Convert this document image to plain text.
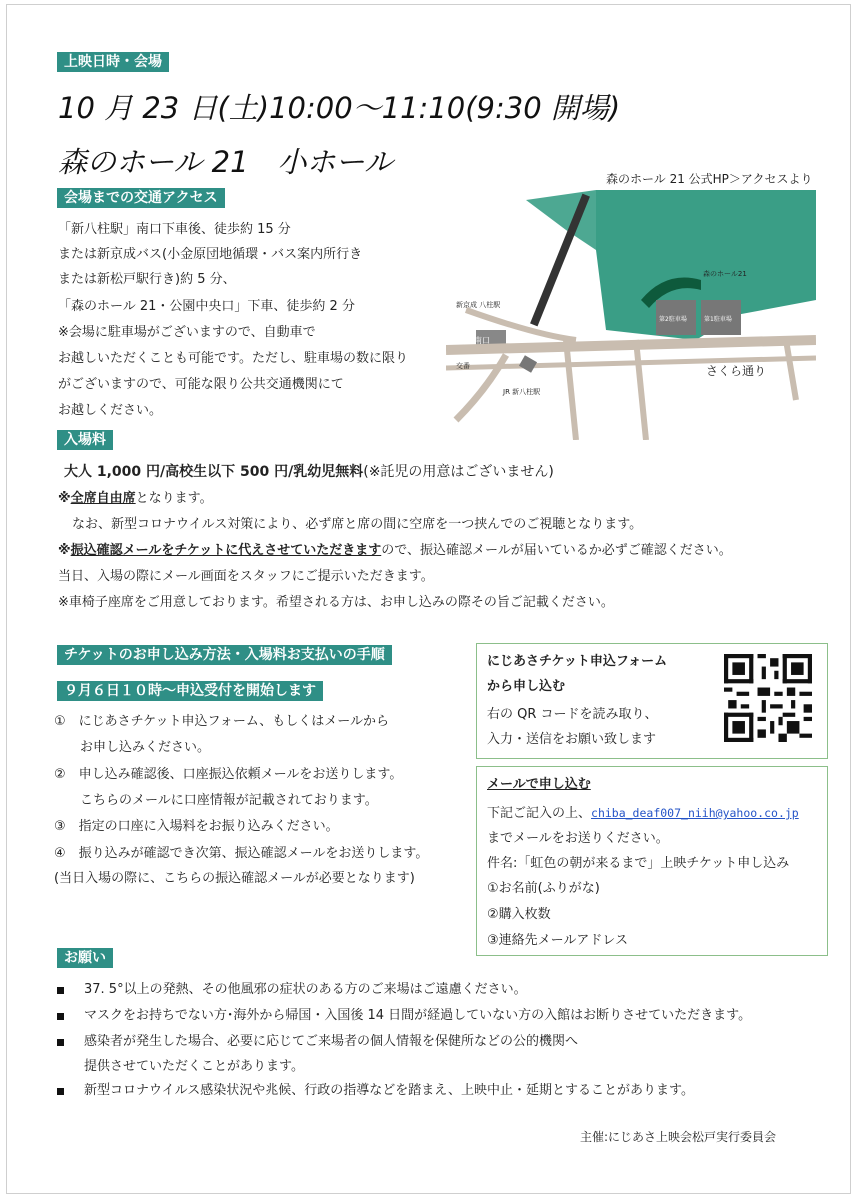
上映日時・会場
10 月 23 日(土)10:00～11:10(9:30 開場)
森のホール 21　小ホール
会場までの交通アクセス
「新八柱駅」南口下車後、徒歩約 15 分
または新京成バス(小金原団地循環・バス案内所行き
または新松戸駅行き)約 5 分、
「森のホール 21・公園中央口」下車、徒歩約 2 分
※会場に駐車場がございますので、自動車で
お越しいただくことも可能です。ただし、駐車場の数に限り
がございますので、可能な限り公共交通機関にて
お越しください。
森のホール 21 公式HP＞アクセスより
さくら通り
新京成 八柱駅
南口
JR 新八柱駅
交番
森のホール21
第2駐車場	第1駐車場
入場料
大人 1,000 円/高校生以下 500 円/乳幼児無料(※託児の用意はございません)
※全席自由席となります。
なお、新型コロナウイルス対策により、必ず席と席の間に空席を一つ挟んでのご視聴となります。
※振込確認メールをチケットに代えさせていただきますので、振込確認メールが届いているか必ずご確認ください。
当日、入場の際にメール画面をスタッフにご提示いただきます。
※車椅子座席をご用意しております。希望される方は、お申し込みの際その旨ご記載ください。
チケットのお申し込み方法・入場料お支払いの手順
９月６日１０時～申込受付を開始します
①　にじあさチケット申込フォーム、もしくはメールから
　　お申し込みください。
②　申し込み確認後、口座振込依頼メールをお送りします。
　　こちらのメールに口座情報が記載されております。
③　指定の口座に入場料をお振り込みください。
④　振り込みが確認でき次第、振込確認メールをお送りします。
(当日入場の際に、こちらの振込確認メールが必要となります)
にじあさチケット申込フォーム
から申し込む
右の QR コードを読み取り、
入力・送信をお願い致します
メールで申し込む
下記ご記入の上、chiba_deaf007_niih@yahoo.co.jp
までメールをお送りください。
件名:「虹色の朝が来るまで」上映チケット申し込み
①お名前(ふりがな)
②購入枚数
③連絡先メールアドレス
お願い
37. 5°以上の発熱、その他風邪の症状のある方のご来場はご遠慮ください。
マスクをお持ちでない方･海外から帰国・入国後 14 日間が経過していない方の入館はお断りさせていただきます。
感染者が発生した場合、必要に応じてご来場者の個人情報を保健所などの公的機関へ
提供させていただくことがあります。
新型コロナウイルス感染状況や兆候、行政の指導などを踏まえ、上映中止・延期とすることがあります。
主催:にじあさ上映会松戸実行委員会
